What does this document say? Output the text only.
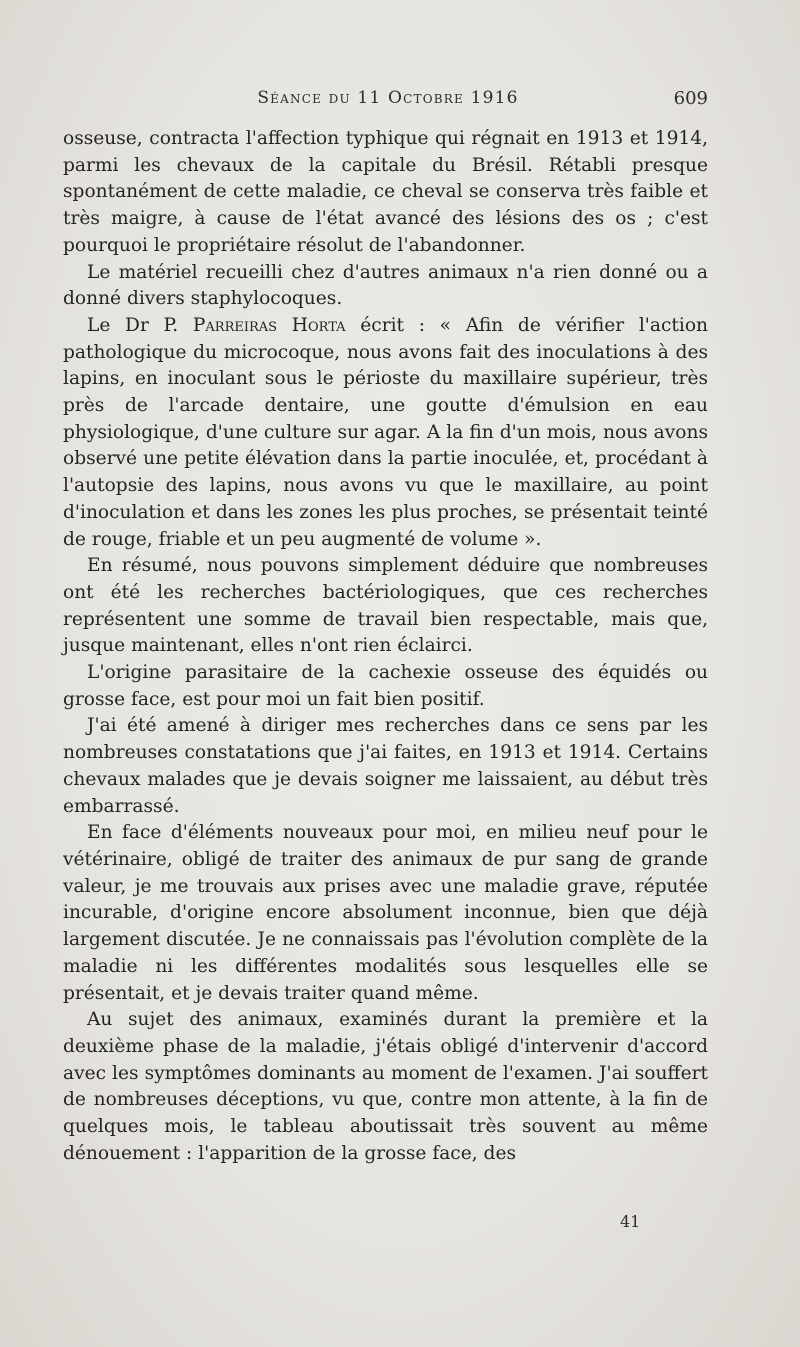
Séance du 11 Octobre 1916	609

osseuse, contracta l'affection typhique qui régnait en 1913 et 1914, parmi les chevaux de la capitale du Brésil. Rétabli presque spontanément de cette maladie, ce cheval se conserva très faible et très maigre, à cause de l'état avancé des lésions des os ; c'est pourquoi le propriétaire résolut de l'abandonner.

Le matériel recueilli chez d'autres animaux n'a rien donné ou a donné divers staphylocoques.

Le Dr P. Parreiras Horta écrit : « Afin de vérifier l'action pathologique du microcoque, nous avons fait des inoculations à des lapins, en inoculant sous le périoste du maxillaire supérieur, très près de l'arcade dentaire, une goutte d'émulsion en eau physiologique, d'une culture sur agar. A la fin d'un mois, nous avons observé une petite élévation dans la partie inoculée, et, procédant à l'autopsie des lapins, nous avons vu que le maxillaire, au point d'inoculation et dans les zones les plus proches, se présentait teinté de rouge, friable et un peu augmenté de volume ».

En résumé, nous pouvons simplement déduire que nombreuses ont été les recherches bactériologiques, que ces recherches représentent une somme de travail bien respectable, mais que, jusque maintenant, elles n'ont rien éclairci.

L'origine parasitaire de la cachexie osseuse des équidés ou grosse face, est pour moi un fait bien positif.

J'ai été amené à diriger mes recherches dans ce sens par les nombreuses constatations que j'ai faites, en 1913 et 1914. Certains chevaux malades que je devais soigner me laissaient, au début très embarrassé.

En face d'éléments nouveaux pour moi, en milieu neuf pour le vétérinaire, obligé de traiter des animaux de pur sang de grande valeur, je me trouvais aux prises avec une maladie grave, réputée incurable, d'origine encore absolument inconnue, bien que déjà largement discutée. Je ne connaissais pas l'évolution complète de la maladie ni les différentes modalités sous lesquelles elle se présentait, et je devais traiter quand même.

Au sujet des animaux, examinés durant la première et la deuxième phase de la maladie, j'étais obligé d'intervenir d'accord avec les symptômes dominants au moment de l'examen. J'ai souffert de nombreuses déceptions, vu que, contre mon attente, à la fin de quelques mois, le tableau aboutissait très souvent au même dénouement : l'apparition de la grosse face, des

41
